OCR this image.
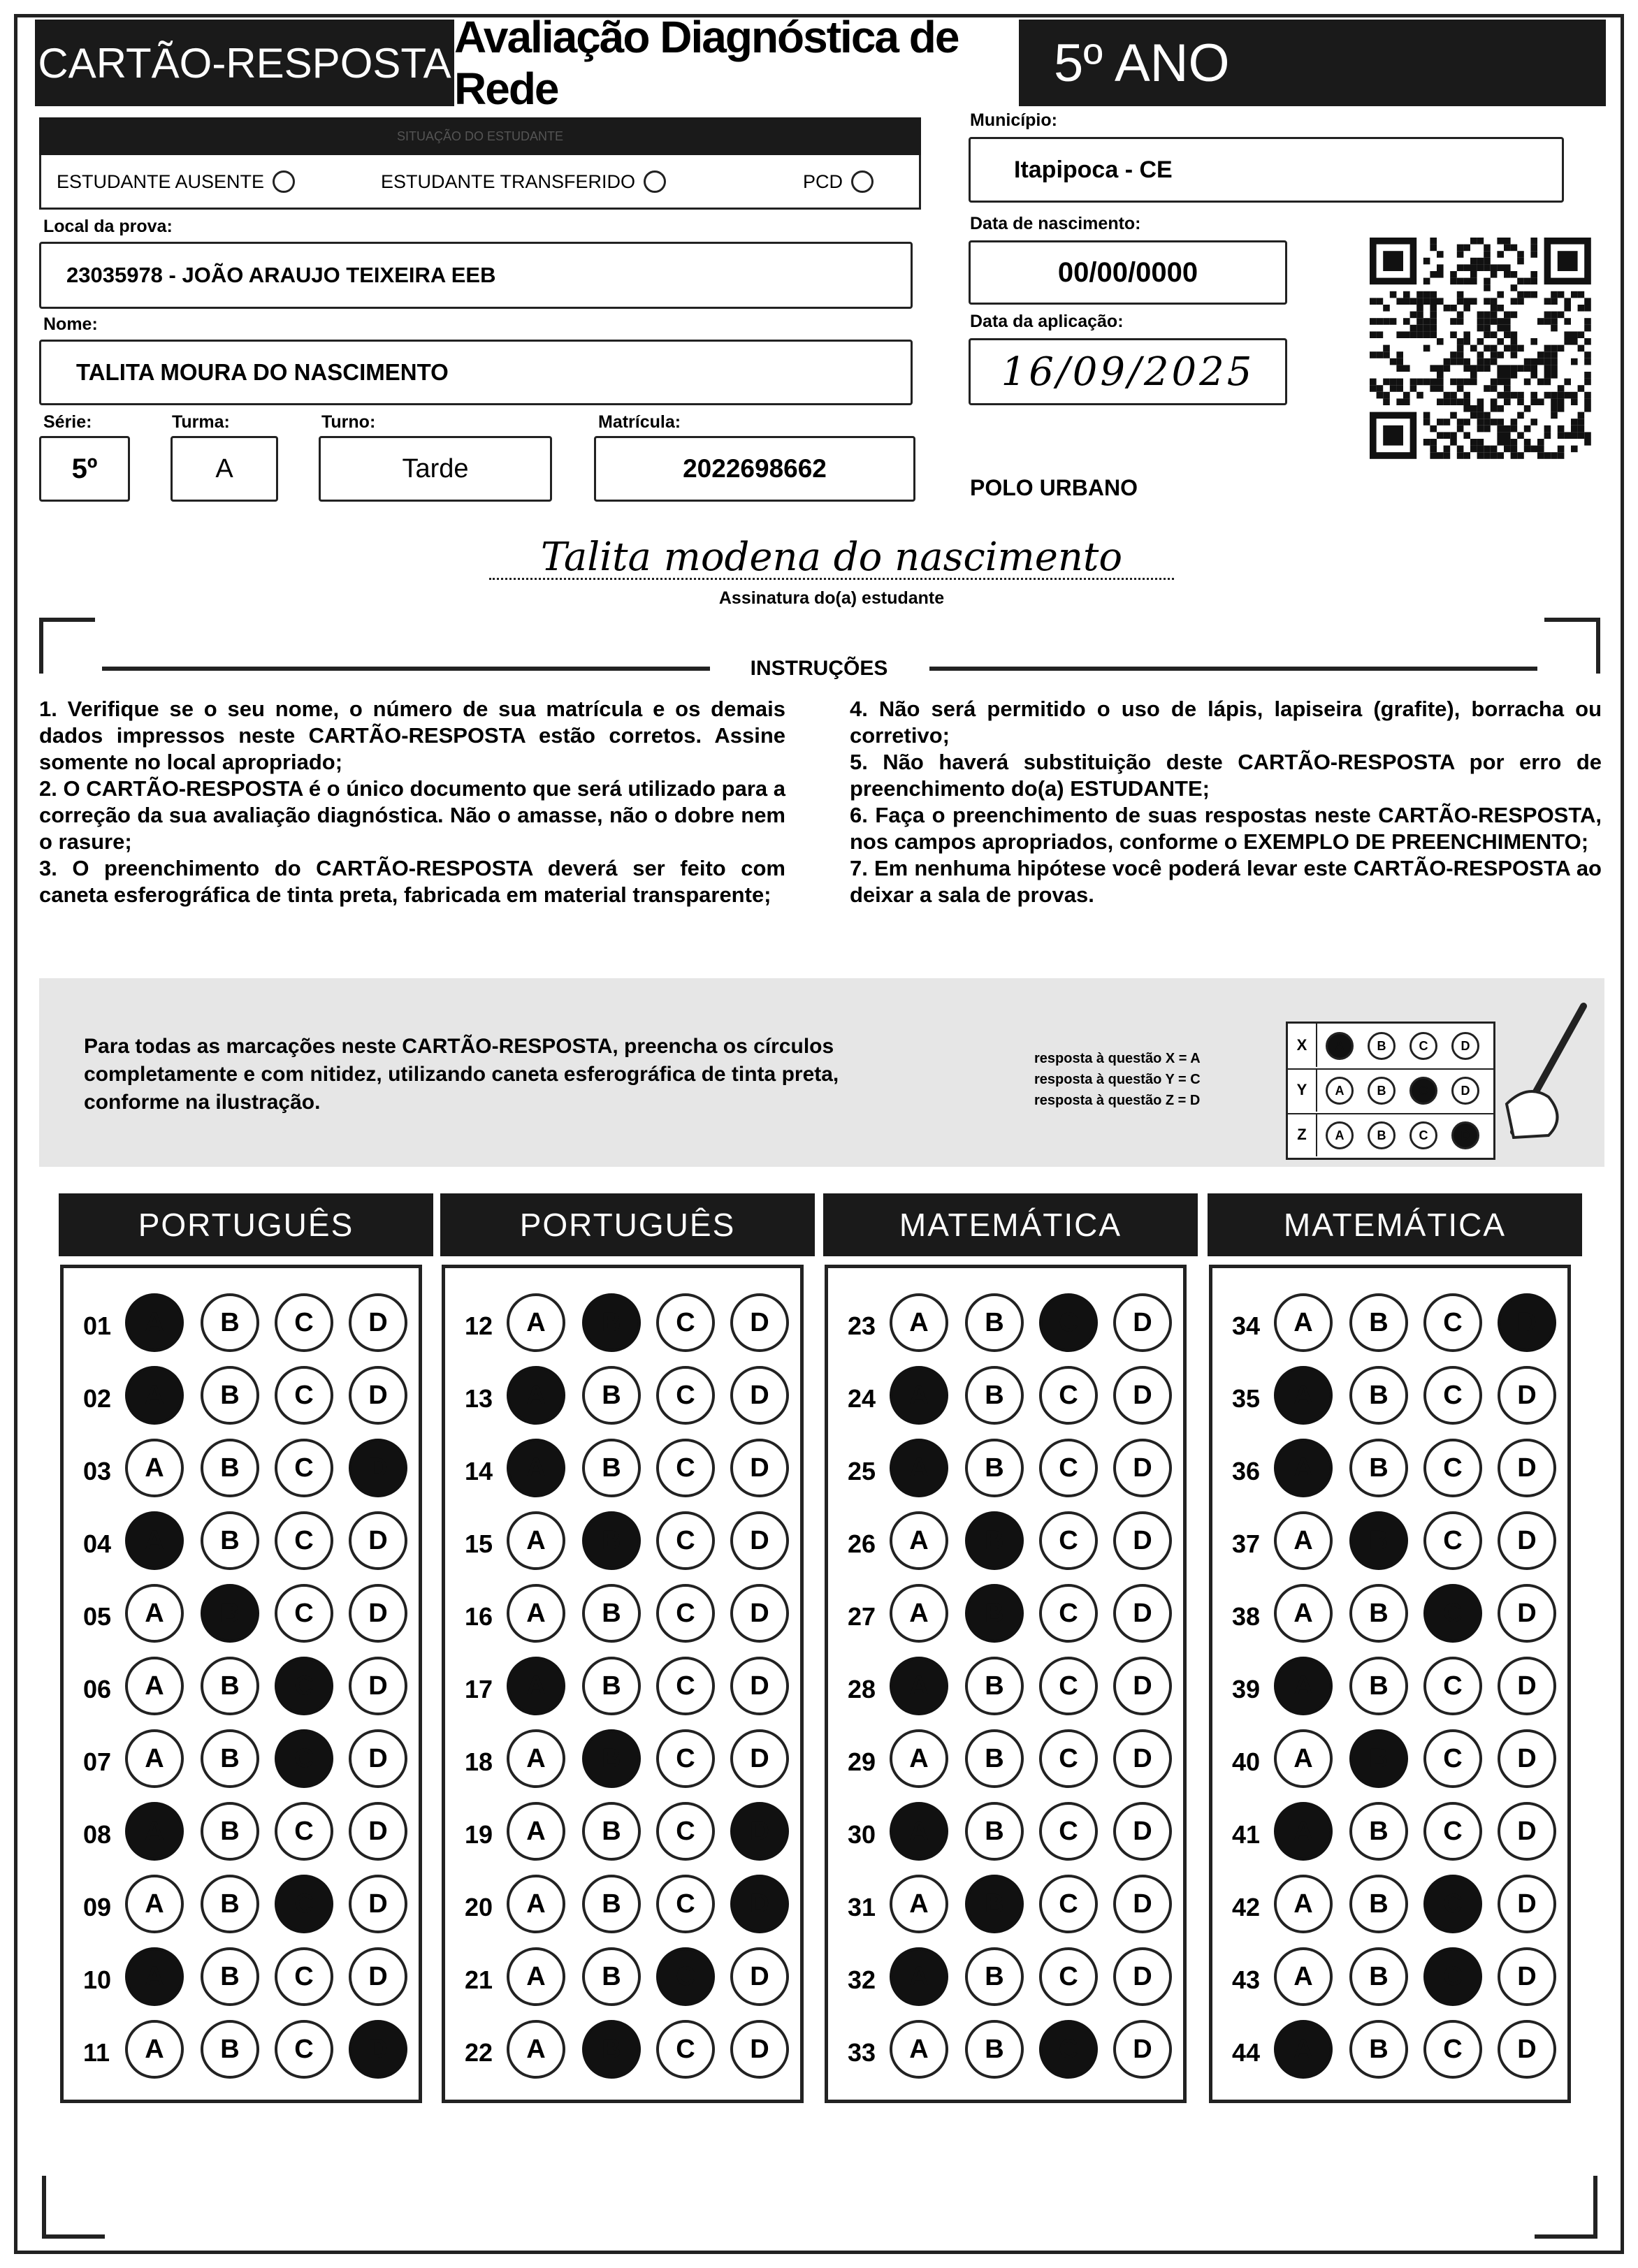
CARTÃO-RESPOSTA
Avaliação Diagnóstica de Rede	5º ANO
SITUAÇÃO DO ESTUDANTE
ESTUDANTE AUSENTE	ESTUDANTE TRANSFERIDO	PCD
Município:
Itapipoca - CE
Local da prova:
23035978 - JOÃO ARAUJO TEIXEIRA EEB
Data de nascimento:
00/00/0000
Data da aplicação:
16/09/2025
Nome:
TALITA MOURA DO NASCIMENTO
Série:
5º
Turma:
A
Turno:
Tarde
Matrícula:
2022698662
POLO URBANO
Talita modena do nascimento
Assinatura do(a) estudante
INSTRUÇÕES
1. Verifique se o seu nome, o número de sua matrícula e os demais dados impressos neste CARTÃO-RESPOSTA estão corretos. Assine somente no local apropriado;
2. O CARTÃO-RESPOSTA é o único documento que será utilizado para a correção da sua avaliação diagnóstica. Não o amasse, não o dobre nem o rasure;
3. O preenchimento do CARTÃO-RESPOSTA deverá ser feito com caneta esferográfica de tinta preta, fabricada em material transparente;
4. Não será permitido o uso de lápis, lapiseira (grafite), borracha ou corretivo;
5. Não haverá substituição deste CARTÃO-RESPOSTA por erro de preenchimento do(a) ESTUDANTE;
6. Faça o preenchimento de suas respostas neste CARTÃO-RESPOSTA, nos campos apropriados, conforme o EXEMPLO DE PREENCHIMENTO;
7. Em nenhuma hipótese você poderá levar este CARTÃO-RESPOSTA ao deixar a sala de provas.
Para todas as marcações neste CARTÃO-RESPOSTA, preencha os círculos completamente e com nitidez, utilizando caneta esferográfica de tinta preta, conforme na ilustração.
resposta à questão X = A
resposta à questão Y = C
resposta à questão Z = D
X	A	B	C	D
Y	A	B	C	D
Z	A	B	C	D
PORTUGUÊS
01	A	B	C	D
02	A	B	C	D
03	A	B	C	D
04	A	B	C	D
05	A	B	C	D
06	A	B	C	D
07	A	B	C	D
08	A	B	C	D
09	A	B	C	D
10	A	B	C	D
11	A	B	C	D
PORTUGUÊS
12	A	B	C	D
13	A	B	C	D
14	A	B	C	D
15	A	B	C	D
16	A	B	C	D
17	A	B	C	D
18	A	B	C	D
19	A	B	C	D
20	A	B	C	D
21	A	B	C	D
22	A	B	C	D
MATEMÁTICA
23	A	B	C	D
24	A	B	C	D
25	A	B	C	D
26	A	B	C	D
27	A	B	C	D
28	A	B	C	D
29	A	B	C	D
30	A	B	C	D
31	A	B	C	D
32	A	B	C	D
33	A	B	C	D
MATEMÁTICA
34	A	B	C	D
35	A	B	C	D
36	A	B	C	D
37	A	B	C	D
38	A	B	C	D
39	A	B	C	D
40	A	B	C	D
41	A	B	C	D
42	A	B	C	D
43	A	B	C	D
44	A	B	C	D
